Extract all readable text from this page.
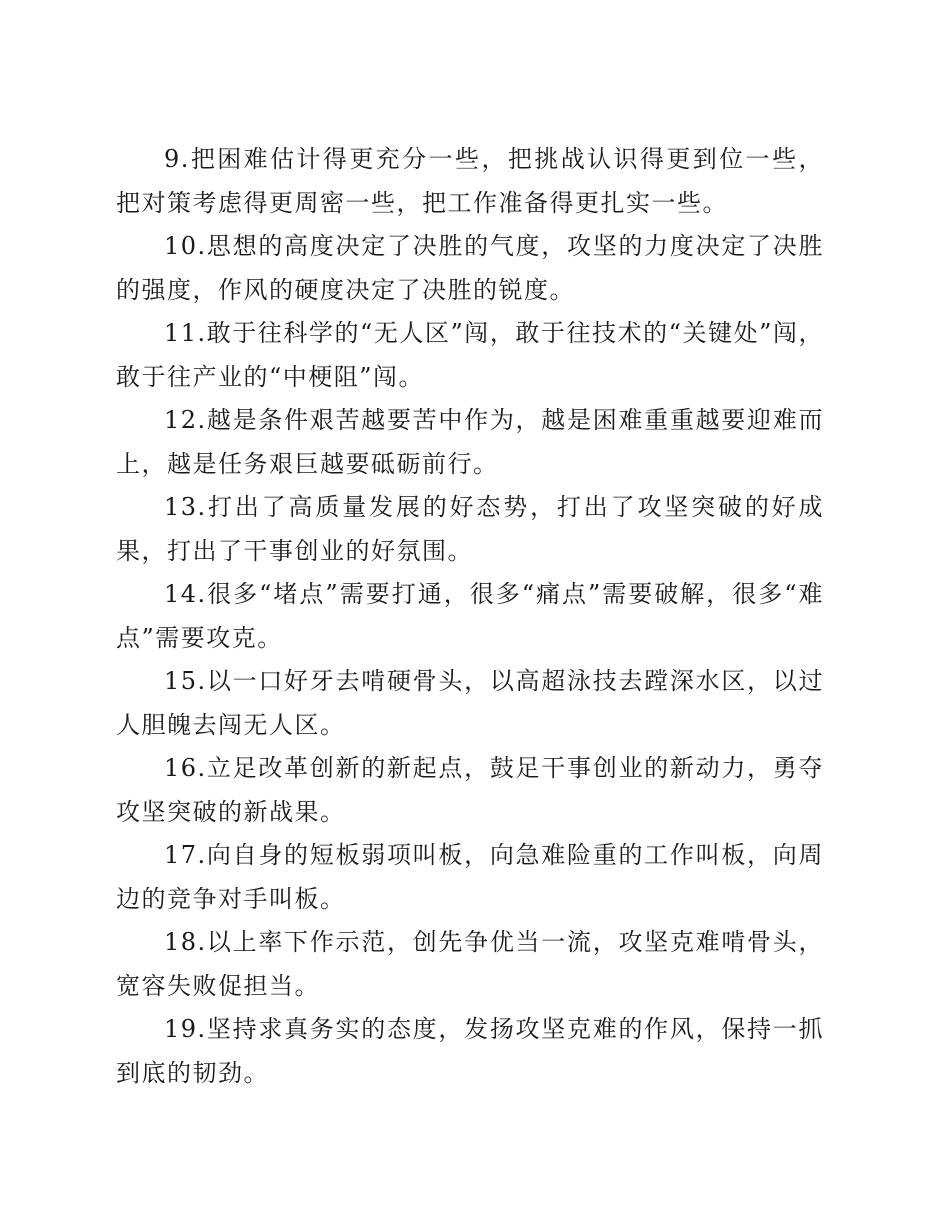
9.把困难估计得更充分一些，把挑战认识得更到位一些，把对策考虑得更周密一些，把工作准备得更扎实一些。

10.思想的高度决定了决胜的气度，攻坚的力度决定了决胜的强度，作风的硬度决定了决胜的锐度。

11.敢于往科学的“无人区”闯，敢于往技术的“关键处”闯，敢于往产业的“中梗阻”闯。

12.越是条件艰苦越要苦中作为，越是困难重重越要迎难而上，越是任务艰巨越要砥砺前行。

13.打出了高质量发展的好态势，打出了攻坚突破的好成果，打出了干事创业的好氛围。

14.很多“堵点”需要打通，很多“痛点”需要破解，很多“难点”需要攻克。

15.以一口好牙去啃硬骨头，以高超泳技去蹚深水区，以过人胆魄去闯无人区。

16.立足改革创新的新起点，鼓足干事创业的新动力，勇夺攻坚突破的新战果。

17.向自身的短板弱项叫板，向急难险重的工作叫板，向周边的竞争对手叫板。

18.以上率下作示范，创先争优当一流，攻坚克难啃骨头，宽容失败促担当。

19.坚持求真务实的态度，发扬攻坚克难的作风，保持一抓到底的韧劲。
